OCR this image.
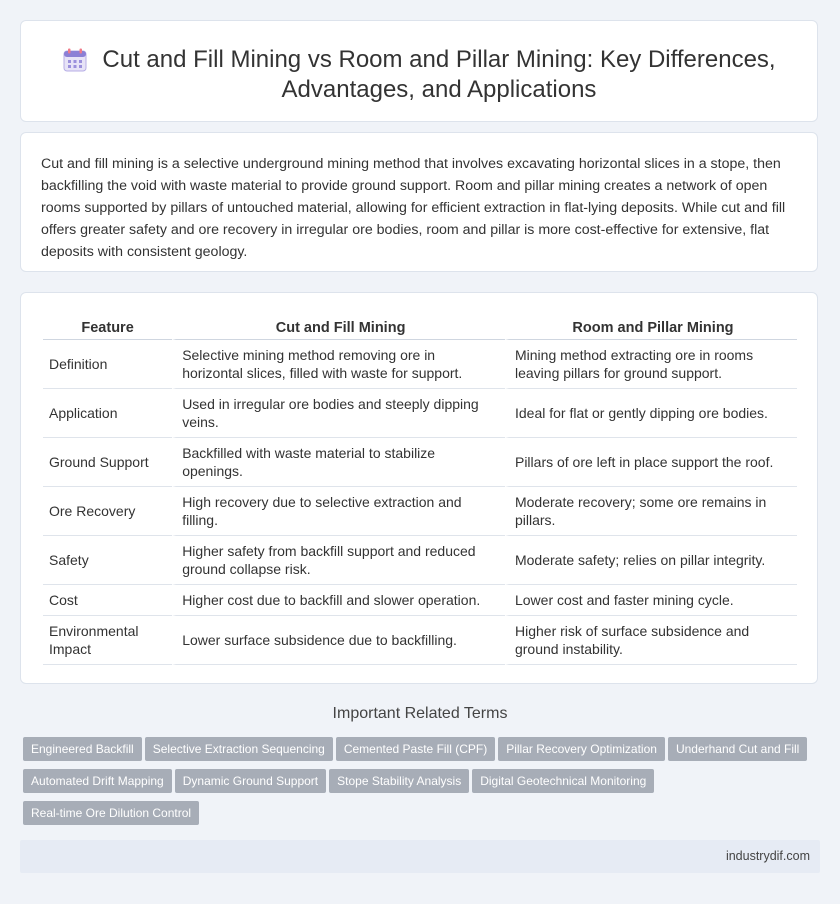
Cut and Fill Mining vs Room and Pillar Mining: Key Differences,
Advantages, and Applications

Cut and fill mining is a selective underground mining method that involves excavating horizontal slices in a stope, then backfilling the void with waste material to provide ground support. Room and pillar mining creates a network of open rooms supported by pillars of untouched material, allowing for efficient extraction in flat-lying deposits. While cut and fill offers greater safety and ore recovery in irregular ore bodies, room and pillar is more cost-effective for extensive, flat deposits with consistent geology.

Feature	Cut and Fill Mining	Room and Pillar Mining
Definition	Selective mining method removing ore in horizontal slices, filled with waste for support.	Mining method extracting ore in rooms leaving pillars for ground support.
Application	Used in irregular ore bodies and steeply dipping veins.	Ideal for flat or gently dipping ore bodies.
Ground Support	Backfilled with waste material to stabilize openings.	Pillars of ore left in place support the roof.
Ore Recovery	High recovery due to selective extraction and filling.	Moderate recovery; some ore remains in pillars.
Safety	Higher safety from backfill support and reduced ground collapse risk.	Moderate safety; relies on pillar integrity.
Cost	Higher cost due to backfill and slower operation.	Lower cost and faster mining cycle.
Environmental Impact	Lower surface subsidence due to backfilling.	Higher risk of surface subsidence and ground instability.
Important Related Terms
Engineered Backfill Selective Extraction Sequencing Cemented Paste Fill (CPF) Pillar Recovery Optimization Underhand Cut and Fill
Automated Drift Mapping Dynamic Ground Support Stope Stability Analysis Digital Geotechnical Monitoring
Real-time Ore Dilution Control
industrydif.com
